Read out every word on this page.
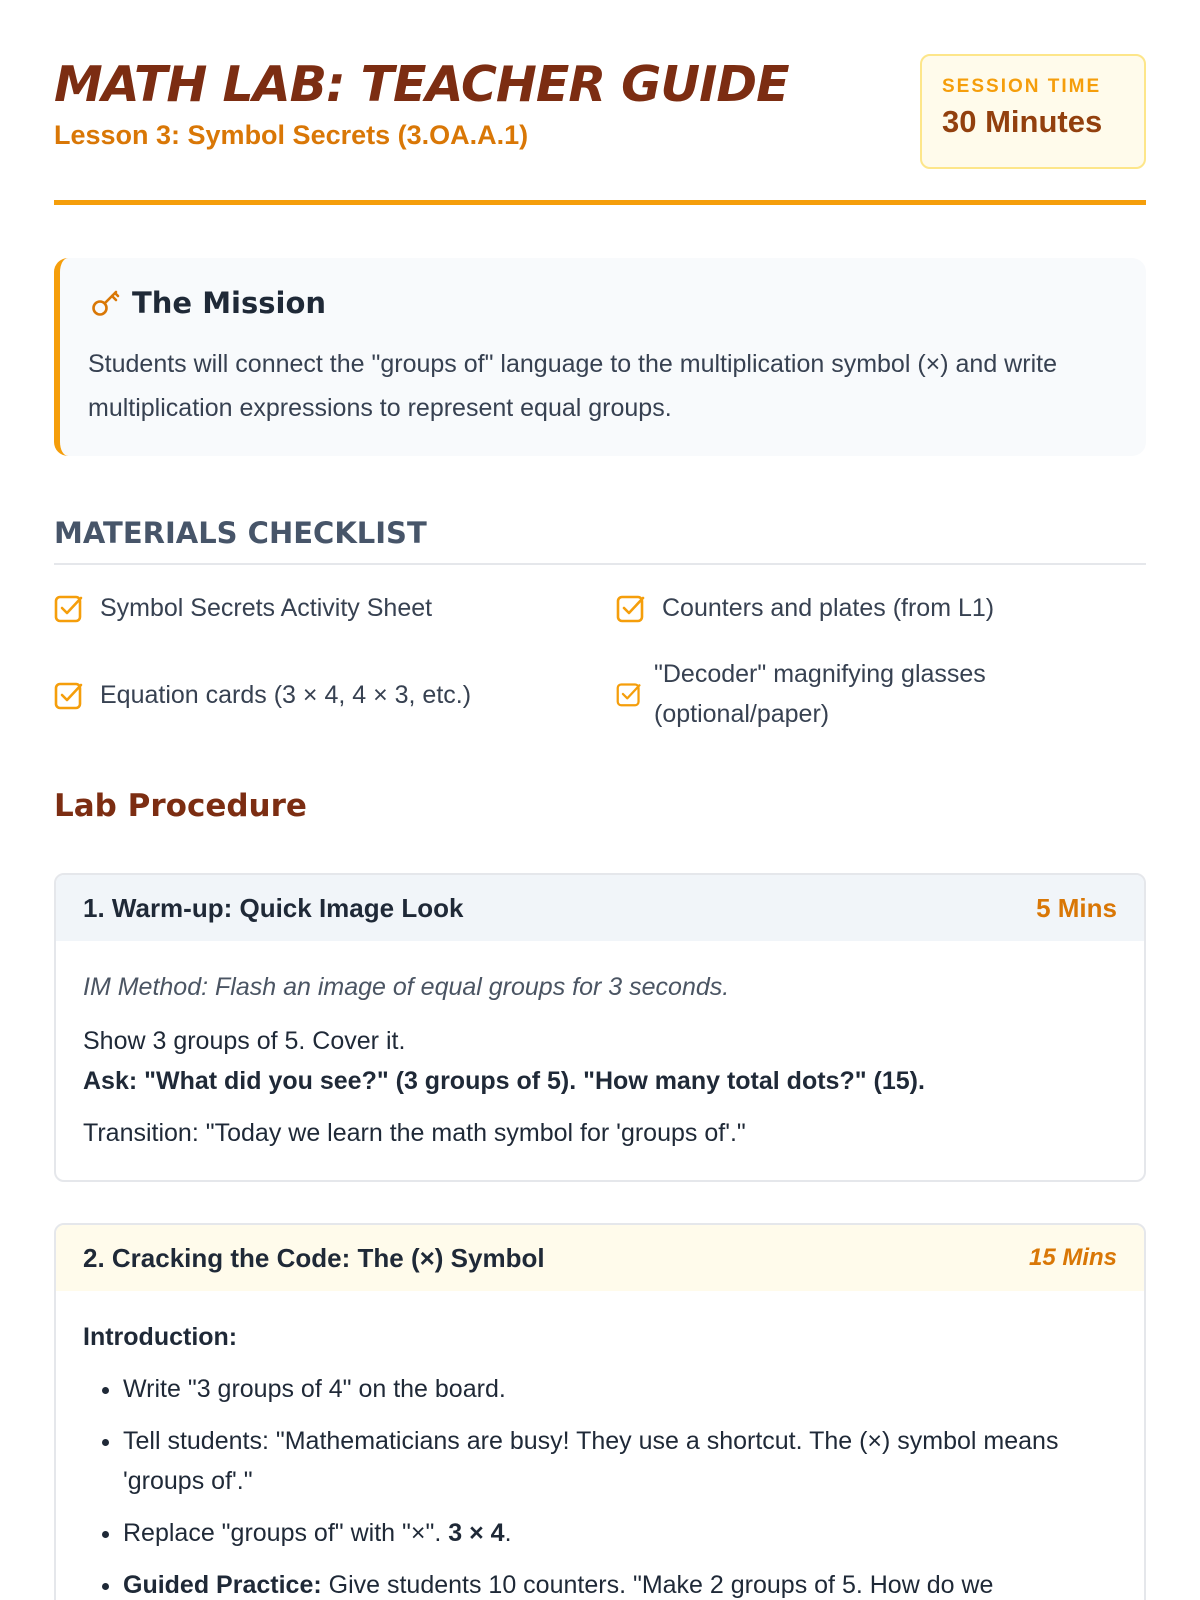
MATH LAB: TEACHER GUIDE
Lesson 3: Symbol Secrets (3.OA.A.1)
SESSION TIME
30 Minutes
The Mission
Students will connect the "groups of" language to the multiplication symbol (×) and write multiplication expressions to represent equal groups.
MATERIALS CHECKLIST
Symbol Secrets Activity Sheet	Counters and plates (from L1)
Equation cards (3 × 4, 4 × 3, etc.)
"Decoder" magnifying glasses (optional/paper)
Lab Procedure
1. Warm-up: Quick Image Look	5 Mins
IM Method: Flash an image of equal groups for 3 seconds.
Show 3 groups of 5. Cover it.
Ask: "What did you see?" (3 groups of 5). "How many total dots?" (15).
Transition: "Today we learn the math symbol for 'groups of'."
2. Cracking the Code: The (×) Symbol	15 Mins
Introduction:
• Write "3 groups of 4" on the board.
• Tell students: "Mathematicians are busy! They use a shortcut. The (×) symbol means 'groups of'."
• Replace "groups of" with "×". 3 × 4.
• Guided Practice: Give students 10 counters. "Make 2 groups of 5. How do we
